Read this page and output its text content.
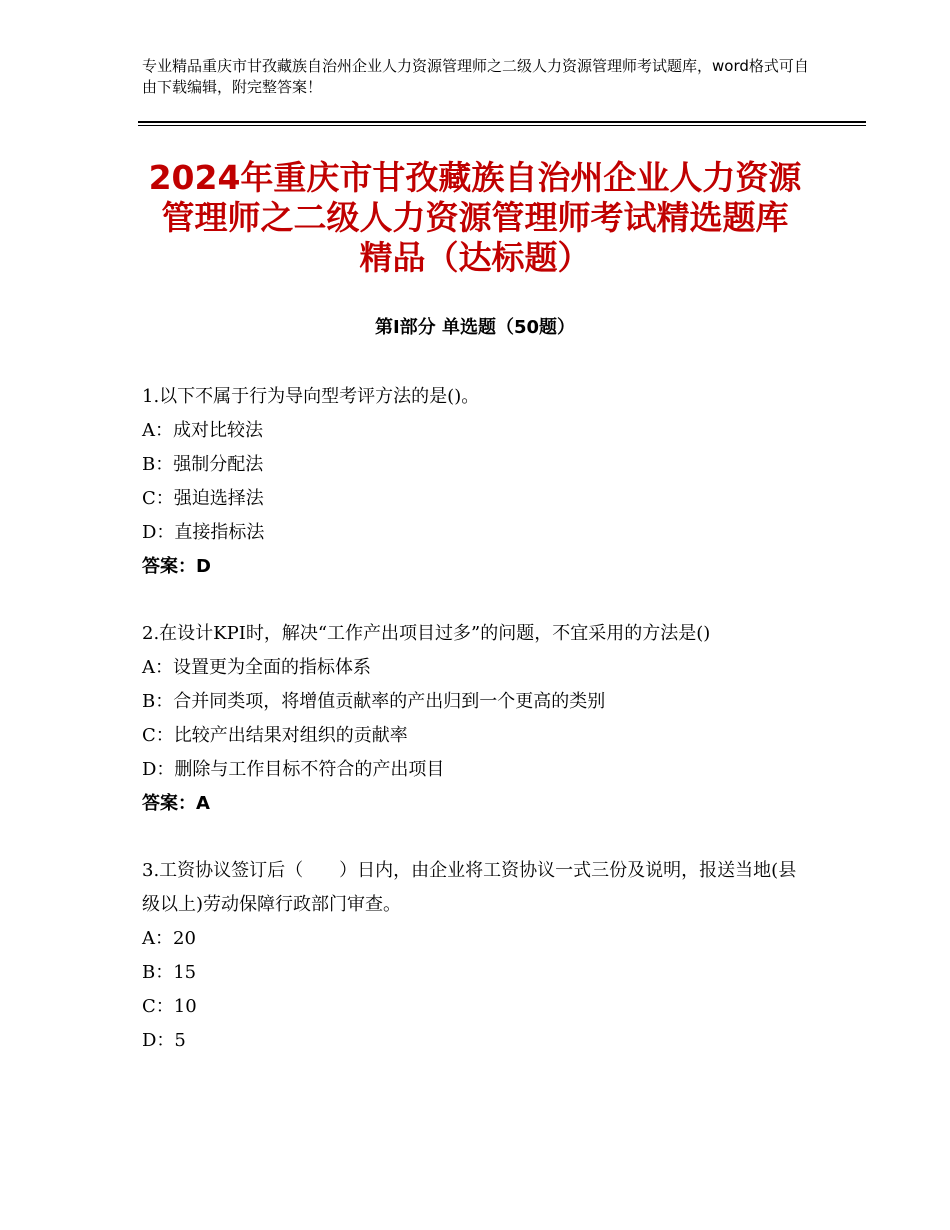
专业精品重庆市甘孜藏族自治州企业人力资源管理师之二级人力资源管理师考试题库，word格式可自由下载编辑，附完整答案！
2024年重庆市甘孜藏族自治州企业人力资源
管理师之二级人力资源管理师考试精选题库
精品（达标题）
第Ⅰ部分 单选题（50题）

1.以下不属于行为导向型考评方法的是()。

A：成对比较法

B：强制分配法

C：强迫选择法

D：直接指标法

答案：D

2.在设计KPI时，解决“工作产出项目过多”的问题，不宜采用的方法是()

A：设置更为全面的指标体系

B：合并同类项，将增值贡献率的产出归到一个更高的类别

C：比较产出结果对组织的贡献率

D：删除与工作目标不符合的产出项目

答案：A

3.工资协议签订后（　　）日内，由企业将工资协议一式三份及说明，报送当地(县级以上)劳动保障行政部门审查。

A：20

B：15

C：10

D：5
